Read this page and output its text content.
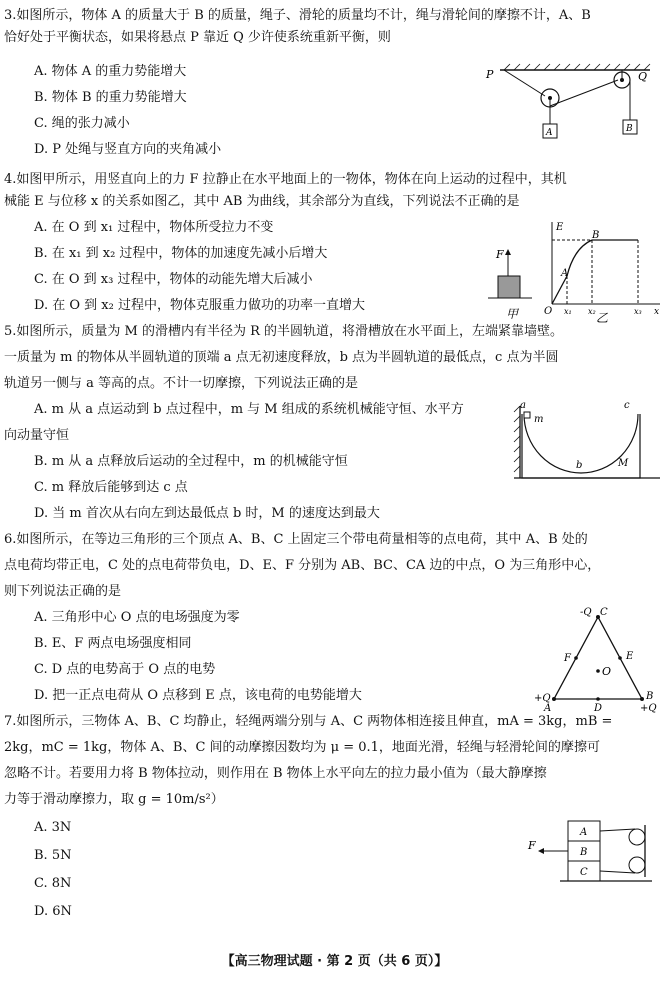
3.如图所示，物体 A 的质量大于 B 的质量，绳子、滑轮的质量均不计，绳与滑轮间的摩擦不计，A、B
恰好处于平衡状态，如果将悬点 P 靠近 Q 少许使系统重新平衡，则
A. 物体 A 的重力势能增大
B. 物体 B 的重力势能增大
C. 绳的张力减小
D. P 处绳与竖直方向的夹角减小
P	Q
A	B
4.如图甲所示，用竖直向上的力 F 拉静止在水平地面上的一物体，物体在向上运动的过程中，其机
械能 E 与位移 x 的关系如图乙，其中 AB 为曲线，其余部分为直线，下列说法不正确的是
A. 在 O 到 x₁ 过程中，物体所受拉力不变
B. 在 x₁ 到 x₂ 过程中，物体的加速度先减小后增大
C. 在 O 到 x₃ 过程中，物体的动能先增大后减小
D. 在 O 到 x₂ 过程中，物体克服重力做功的功率一直增大
F
甲
E
A
B
O x₁ x₂	x₃ x
乙
5.如图所示，质量为 M 的滑槽内有半径为 R 的半圆轨道，将滑槽放在水平面上，左端紧靠墙壁。
一质量为 m 的物体从半圆轨道的顶端 a 点无初速度释放，b 点为半圆轨道的最低点，c 点为半圆
轨道另一侧与 a 等高的点。不计一切摩擦，下列说法正确的是
A. m 从 a 点运动到 b 点过程中，m 与 M 组成的系统机械能守恒、水平方
向动量守恒
B. m 从 a 点释放后运动的全过程中，m 的机械能守恒
C. m 释放后能够到达 c 点
D. 当 m 首次从右向左到达最低点 b 时，M 的速度达到最大
a
m
b
c
M
6.如图所示，在等边三角形的三个顶点 A、B、C 上固定三个带电荷量相等的点电荷，其中 A、B 处的
点电荷均带正电，C 处的点电荷带负电，D、E、F 分别为 AB、BC、CA 边的中点，O 为三角形中心，
则下列说法正确的是
A. 三角形中心 O 点的电场强度为零
B. E、F 两点电场强度相同
C. D 点的电势高于 O 点的电势
D. 把一正点电荷从 O 点移到 E 点，该电荷的电势能增大
-Q C
F	E
O
+Q
A	D
B
+Q
7.如图所示，三物体 A、B、C 均静止，轻绳两端分别与 A、C 两物体相连接且伸直，mA = 3kg，mB =
2kg，mC = 1kg，物体 A、B、C 间的动摩擦因数均为 μ = 0.1，地面光滑，轻绳与轻滑轮间的摩擦可
忽略不计。若要用力将 B 物体拉动，则作用在 B 物体上水平向左的拉力最小值为（最大静摩擦
力等于滑动摩擦力，取 g = 10m/s²）
A. 3N
B. 5N
C. 8N
D. 6N
F
A
B
C
【高三物理试题 · 第 2 页（共 6 页）】
